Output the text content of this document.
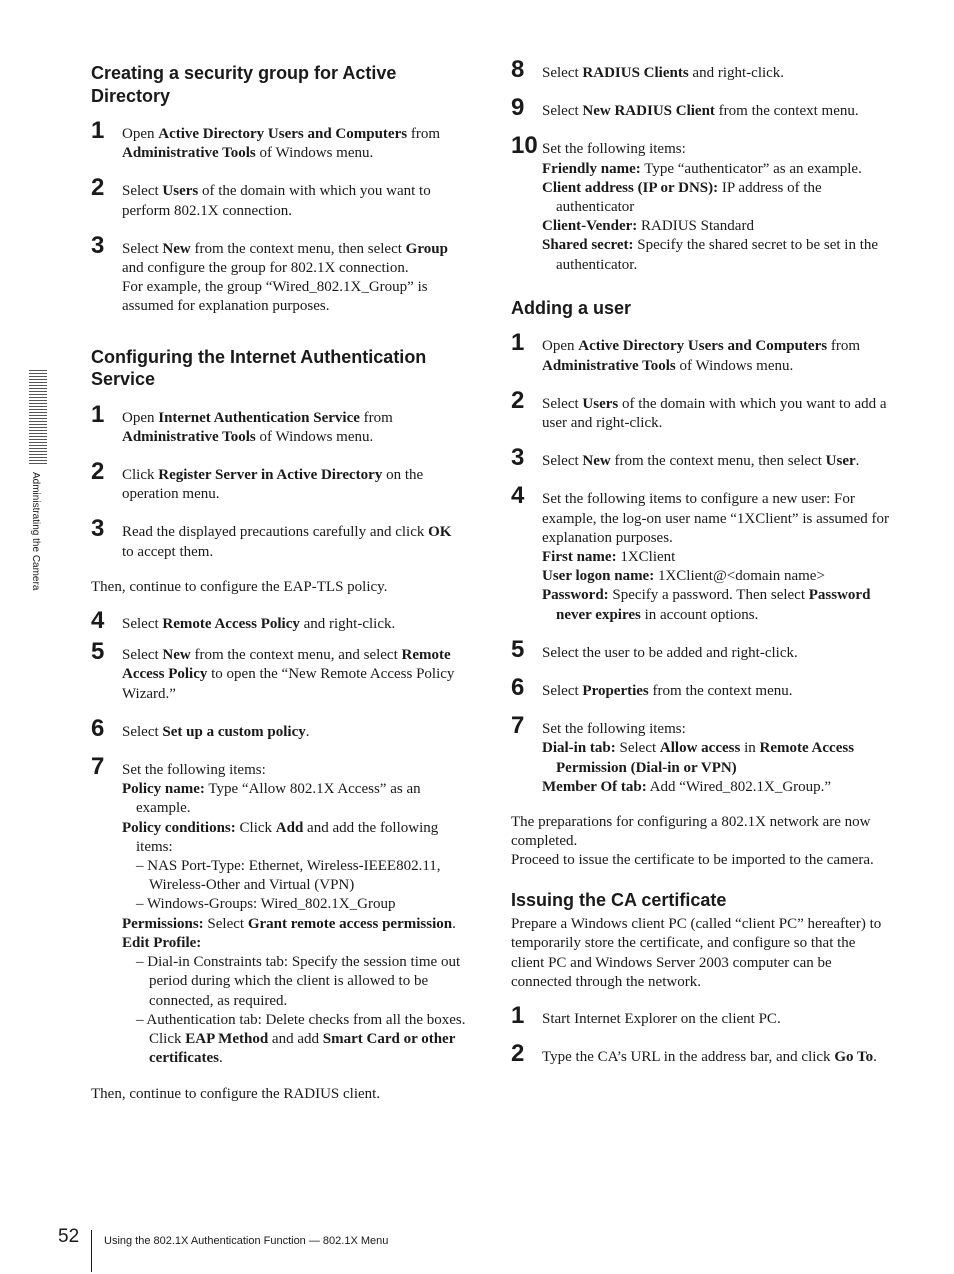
Administrating the Camera
Creating a security group for Active Directory
1 Open Active Directory Users and Computers from Administrative Tools of Windows menu.
2 Select Users of the domain with which you want to perform 802.1X connection.
3 Select New from the context menu, then select Group and configure the group for 802.1X connection.
For example, the group “Wired_802.1X_Group” is assumed for explanation purposes.
Configuring the Internet Authentication Service
1 Open Internet Authentication Service from Administrative Tools of Windows menu.
2 Click Register Server in Active Directory on the operation menu.
3 Read the displayed precautions carefully and click OK to accept them.
Then, continue to configure the EAP-TLS policy.
4 Select Remote Access Policy and right-click.
5 Select New from the context menu, and select Remote Access Policy to open the “New Remote Access Policy Wizard.”
6 Select Set up a custom policy.
7 Set the following items:
Policy name: Type “Allow 802.1X Access” as an example.
Policy conditions: Click Add and add the following items:
– NAS Port-Type: Ethernet, Wireless-IEEE802.11, Wireless-Other and Virtual (VPN)
– Windows-Groups: Wired_802.1X_Group
Permissions: Select Grant remote access permission.
Edit Profile:
– Dial-in Constraints tab: Specify the session time out period during which the client is allowed to be connected, as required.
– Authentication tab: Delete checks from all the boxes. Click EAP Method and add Smart Card or other certificates.
Then, continue to configure the RADIUS client.
8 Select RADIUS Clients and right-click.
9 Select New RADIUS Client from the context menu.
10 Set the following items:
Friendly name: Type “authenticator” as an example.
Client address (IP or DNS): IP address of the authenticator
Client-Vender: RADIUS Standard
Shared secret: Specify the shared secret to be set in the authenticator.
Adding a user
1 Open Active Directory Users and Computers from Administrative Tools of Windows menu.
2 Select Users of the domain with which you want to add a user and right-click.
3 Select New from the context menu, then select User.
4 Set the following items to configure a new user: For example, the log-on user name “1XClient” is assumed for explanation purposes.
First name: 1XClient
User logon name: 1XClient@<domain name>
Password: Specify a password. Then select Password never expires in account options.
5 Select the user to be added and right-click.
6 Select Properties from the context menu.
7 Set the following items:
Dial-in tab: Select Allow access in Remote Access Permission (Dial-in or VPN)
Member Of tab: Add “Wired_802.1X_Group.”
The preparations for configuring a 802.1X network are now completed.
Proceed to issue the certificate to be imported to the camera.
Issuing the CA certificate
Prepare a Windows client PC (called “client PC” hereafter) to temporarily store the certificate, and configure so that the client PC and Windows Server 2003 computer can be connected through the network.
1 Start Internet Explorer on the client PC.
2 Type the CA’s URL in the address bar, and click Go To.
52 Using the 802.1X Authentication Function — 802.1X Menu
